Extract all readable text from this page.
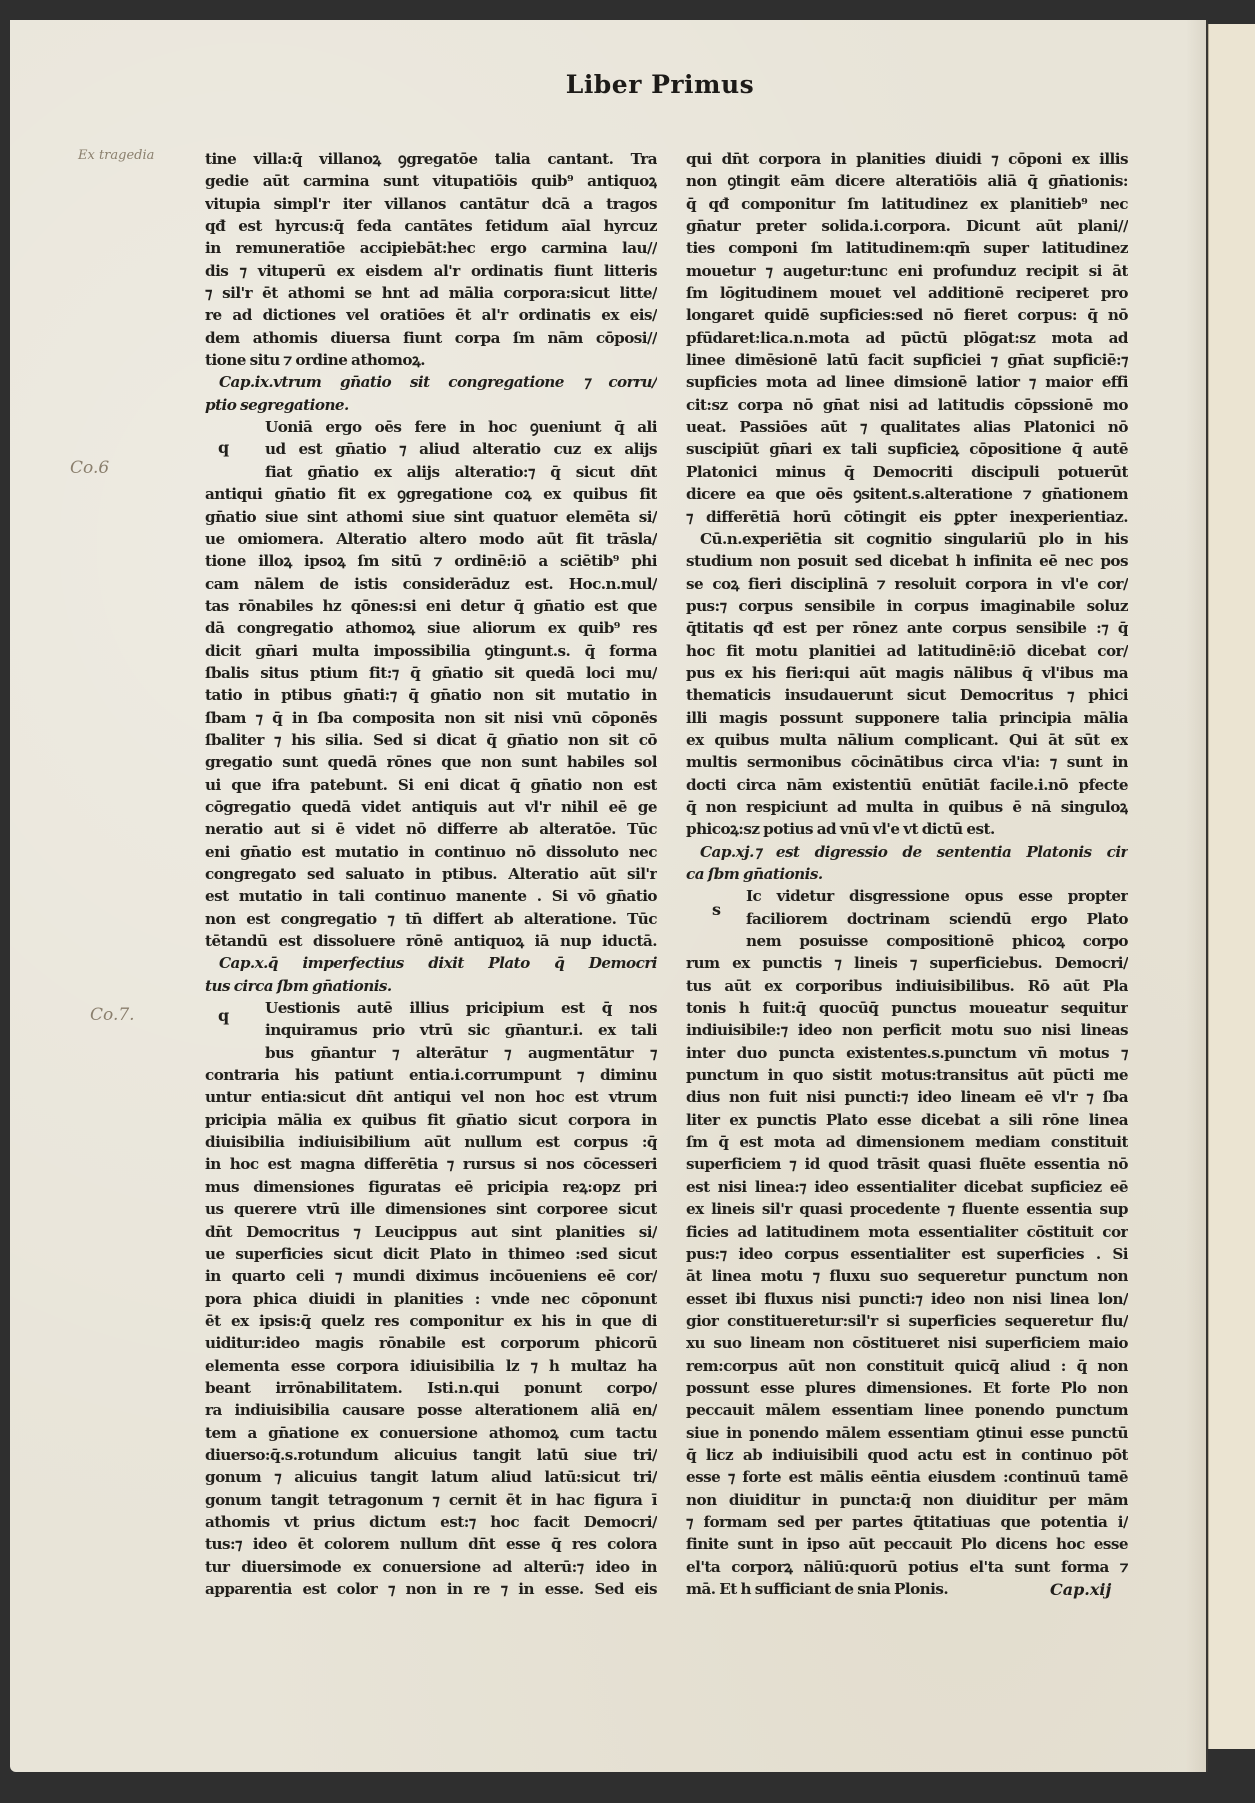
Liber Primus
Ex tragedia
Co.6
Co.7.
q
q
s
tine villa:q̄ villanoꝝ ꝯgregatōe talia cantant. Tra
gedie aūt carmina sunt vitupatiōis quib⁹ antiquoꝝ
vitupia simpl'r iter villanos cantātur dcā a tragos
qđ est hyrcus:q̄ feda cantātes fetidum aīal hyrcuz
in remuneratiōe accipiebāt:hec ergo carmina lau//
dis ⁊ vituperū ex eisdem al'r ordinatis fiunt litteris
⁊ sil'r ēt athomi se hnt ad mālia corpora:sicut litte/
re ad dictiones vel oratiōes ēt al'r ordinatis ex eis/
dem athomis diuersa fiunt corpa ſm nām cōposi//
tione situ ⁊ ordine athomoꝝ.
Cap.ix.vtrum gn̄atio sit congregatione ⁊ corru/
ptio segregatione.
Uoniā ergo oēs fere in hoc ꝯueniunt q̄ ali
ud est gn̄atio ⁊ aliud alteratio cuz ex alijs
fiat gn̄atio ex alijs alteratio:⁊ q̄ sicut dn̄t
antiqui gn̄atio fit ex ꝯgregatione coꝝ ex quibus fit
gn̄atio siue sint athomi siue sint quatuor elemēta si/
ue omiomera. Alteratio altero modo aūt fit trāsla/
tione illoꝝ ipsoꝝ ſm sitū ⁊ ordinē:iō a sciētib⁹ phi
cam nālem de istis considerāduz est. Hoc.n.mul/
tas rōnabiles hz qōnes:si eni detur q̄ gn̄atio est que
dā congregatio athomoꝝ siue aliorum ex quib⁹ res
dicit gn̄ari multa impossibilia ꝯtingunt.s. q̄ forma
ſbalis situs ptium fit:⁊ q̄ gn̄atio sit quedā loci mu/
tatio in ptibus gn̄ati:⁊ q̄ gn̄atio non sit mutatio in
ſbam ⁊ q̄ in ſba composita non sit nisi vnū cōponēs
ſbaliter ⁊ his silia. Sed si dicat q̄ gn̄atio non sit cō
gregatio sunt quedā rōnes que non sunt habiles sol
ui que ifra patebunt. Si eni dicat q̄ gn̄atio non est
cōgregatio quedā videt antiquis aut vl'r nihil eē ge
neratio aut si ē videt nō differre ab alteratōe. Tūc
eni gn̄atio est mutatio in continuo nō dissoluto nec
congregato sed saluato in ptibus. Alteratio aūt sil'r
est mutatio in tali continuo manente . Si vō gn̄atio
non est congregatio ⁊ tn̄ differt ab alteratione. Tūc
tētandū est dissoluere rōnē antiquoꝝ iā nup iductā.
Cap.x.q̄ imperfectius dixit Plato q̄ Democri
tus circa ſbm gn̄ationis.
Uestionis autē illius pricipium est q̄ nos
inquiramus prio vtrū sic gn̄antur.i. ex tali
bus gn̄antur ⁊ alterātur ⁊ augmentātur ⁊
contraria his patiunt entia.i.corrumpunt ⁊ diminu
untur entia:sicut dn̄t antiqui vel non hoc est vtrum
pricipia mālia ex quibus fit gn̄atio sicut corpora in
diuisibilia indiuisibilium aūt nullum est corpus :q̄
in hoc est magna differētia ⁊ rursus si nos cōcesseri
mus dimensiones figuratas eē pricipia reꝝ:opz pri
us querere vtrū ille dimensiones sint corporee sicut
dn̄t Democritus ⁊ Leucippus aut sint planities si/
ue superficies sicut dicit Plato in thimeo :sed sicut
in quarto celi ⁊ mundi diximus incōueniens eē cor/
pora phica diuidi in planities : vnde nec cōponunt
ēt ex ipsis:q̄ quelz res componitur ex his in que di
uiditur:ideo magis rōnabile est corporum phicorū
elementa esse corpora idiuisibilia lz ⁊ h multaz ha
beant irrōnabilitatem. Isti.n.qui ponunt corpo/
ra indiuisibilia causare posse alterationem aliā en/
tem a gn̄atione ex conuersione athomoꝝ cum tactu
diuerso:q̄.s.rotundum alicuius tangit latū siue tri/
gonum ⁊ alicuius tangit latum aliud latū:sicut tri/
gonum tangit tetragonum ⁊ cernit ēt in hac figura ī
athomis vt prius dictum est:⁊ hoc facit Democri/
tus:⁊ ideo ēt colorem nullum dn̄t esse q̄ res colora
tur diuersimode ex conuersione ad alterū:⁊ ideo in
apparentia est color ⁊ non in re ⁊ in esse. Sed eis
qui dn̄t corpora in planities diuidi ⁊ cōponi ex illis
non ꝯtingit eām dicere alteratiōis aliā q̄ gn̄ationis:
q̄ qđ componitur ſm latitudinez ex planitieb⁹ nec
gn̄atur preter solida.i.corpora. Dicunt aūt plani//
ties componi ſm latitudinem:qm̄ super latitudinez
mouetur ⁊ augetur:tunc eni profunduz recipit si āt
ſm lōgitudinem mouet vel additionē reciperet pro
longaret quidē supficies:sed nō fieret corpus: q̄ nō
pfūdaret:lica.n.mota ad pūctū plōgat:sz mota ad
linee dimēsionē latū facit supficiei ⁊ gn̄at supficiē:⁊
supficies mota ad linee dimsionē latior ⁊ maior effi
cit:sz corpa nō gn̄at nisi ad latitudis cōpssionē mo
ueat. Passiōes aūt ⁊ qualitates alias Platonici nō
suscipiūt gn̄ari ex tali supficieꝝ cōpositione q̄ autē
Platonici minus q̄ Democriti discipuli potuerūt
dicere ea que oēs ꝯsitent.s.alteratione ⁊ gn̄ationem
⁊ differētiā horū cōtingit eis ꝑpter inexperientiaz.
Cū.n.experiētia sit cognitio singulariū plo in his
studium non posuit sed dicebat h infinita eē nec pos
se coꝝ fieri disciplinā ⁊ resoluit corpora in vl'e cor/
pus:⁊ corpus sensibile in corpus imaginabile soluz
q̄titatis qđ est per rōnez ante corpus sensibile :⁊ q̄
hoc fit motu planitiei ad latitudinē:iō dicebat cor/
pus ex his fieri:qui aūt magis nālibus q̄ vl'ibus ma
thematicis insudauerunt sicut Democritus ⁊ phici
illi magis possunt supponere talia principia mālia
ex quibus multa nālium complicant. Qui āt sūt ex
multis sermonibus cōcinātibus circa vl'ia: ⁊ sunt in
docti circa nām existentiū enūtiāt facile.i.nō pfecte
q̄ non respiciunt ad multa in quibus ē nā singuloꝝ
phicoꝝ:sz potius ad vnū vl'e vt dictū est.
Cap.xj.⁊ est digressio de sententia Platonis cir
ca ſbm gn̄ationis.
Ic videtur disgressione opus esse propter
faciliorem doctrinam sciendū ergo Plato
nem posuisse compositionē phicoꝝ corpo
rum ex punctis ⁊ lineis ⁊ superficiebus. Democri/
tus aūt ex corporibus indiuisibilibus. Rō aūt Pla
tonis h fuit:q̄ quocūq̄ punctus moueatur sequitur
indiuisibile:⁊ ideo non perficit motu suo nisi lineas
inter duo puncta existentes.s.punctum vn̄ motus ⁊
punctum in quo sistit motus:transitus aūt pūcti me
dius non fuit nisi puncti:⁊ ideo lineam eē vl'r ⁊ ſba
liter ex punctis Plato esse dicebat a sili rōne linea
ſm q̄ est mota ad dimensionem mediam constituit
superficiem ⁊ id quod trāsit quasi fluēte essentia nō
est nisi linea:⁊ ideo essentialiter dicebat supficiez eē
ex lineis sil'r quasi procedente ⁊ fluente essentia sup
ficies ad latitudinem mota essentialiter cōstituit cor
pus:⁊ ideo corpus essentialiter est superficies . Si
āt linea motu ⁊ fluxu suo sequeretur punctum non
esset ibi fluxus nisi puncti:⁊ ideo non nisi linea lon/
gior constitueretur:sil'r si superficies sequeretur flu/
xu suo lineam non cōstitueret nisi superficiem maio
rem:corpus aūt non constituit quicq̄ aliud : q̄ non
possunt esse plures dimensiones. Et forte Plo non
peccauit mālem essentiam linee ponendo punctum
siue in ponendo mālem essentiam ꝯtinui esse punctū
q̄ licz ab indiuisibili quod actu est in continuo pōt
esse ⁊ forte est mālis eēntia eiusdem :continuū tamē
non diuiditur in puncta:q̄ non diuiditur per mām
⁊ formam sed per partes q̄titatiuas que potentia i/
finite sunt in ipso aūt peccauit Plo dicens hoc esse
el'ta corporꝝ nāliū:quorū potius el'ta sunt forma ⁊
mā. Et h sufficiant de snia Plonis.	Cap.xij
